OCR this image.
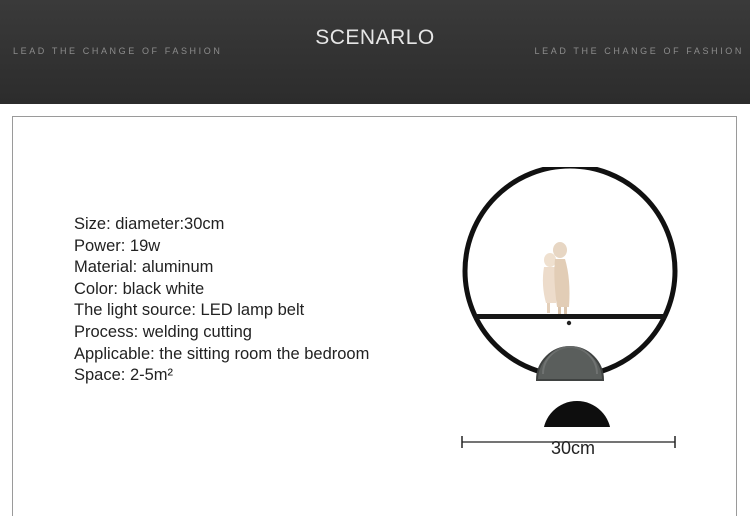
LEAD THE CHANGE OF FASHION
SCENARLO
LEAD THE CHANGE OF FASHION
Size: diameter:30cm
Power: 19w
Material: aluminum
Color: black white
The light source: LED lamp belt
Process: welding cutting
Applicable: the sitting room the bedroom
Space: 2-5m²
30cm
